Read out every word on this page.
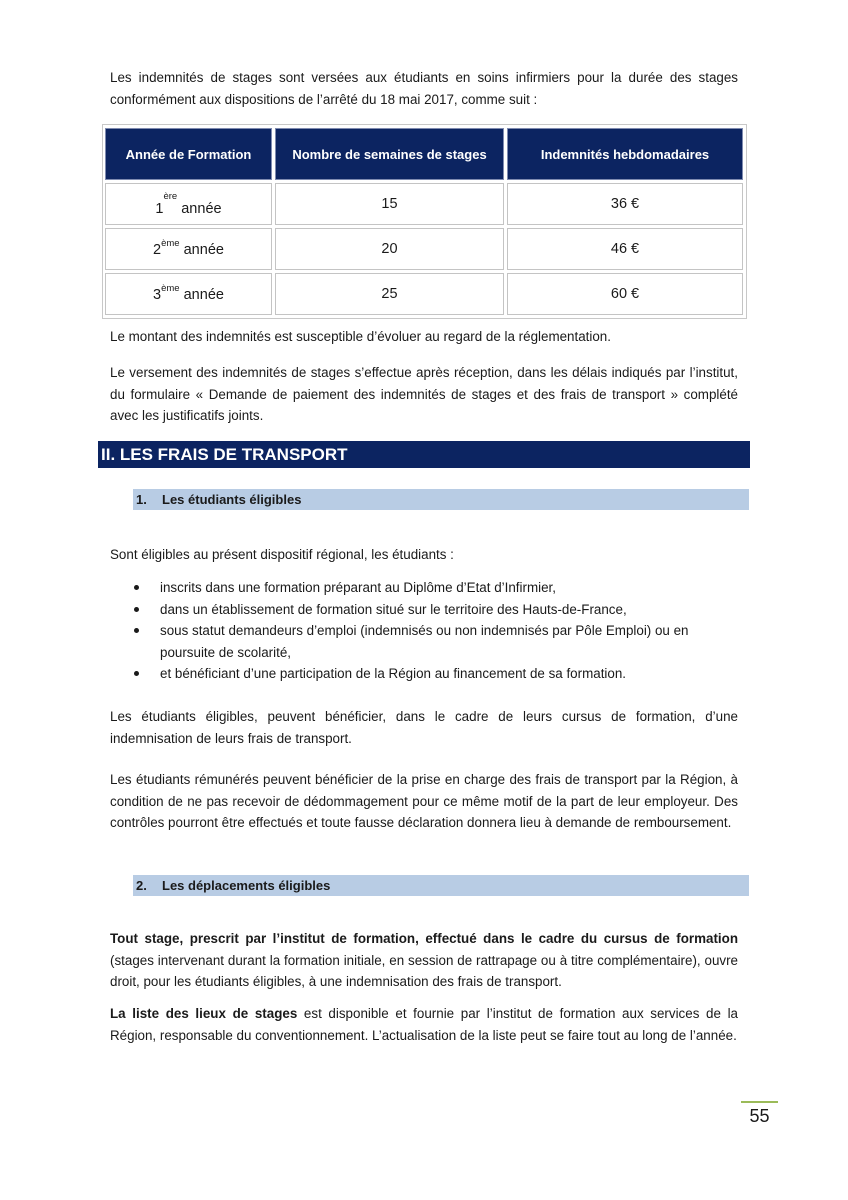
Les indemnités de stages sont versées aux étudiants en soins infirmiers pour la durée des stages conformément aux dispositions de l’arrêté du 18 mai 2017, comme suit :

Année de Formation	Nombre de semaines de stages	Indemnités hebdomadaires
1ère année	15	36 €
2ème année	20	46 €
3ème année	25	60 €

Le montant des indemnités est susceptible d’évoluer au regard de la réglementation.

Le versement des indemnités de stages s’effectue après réception, dans les délais indiqués par l’institut, du formulaire « Demande de paiement des indemnités de stages et des frais de transport » complété avec les justificatifs joints.

II. LES FRAIS DE TRANSPORT
1. Les étudiants éligibles

Sont éligibles au présent dispositif régional, les étudiants :

inscrits dans une formation préparant au Diplôme d’Etat d’Infirmier,
dans un établissement de formation situé sur le territoire des Hauts-de-France,
sous statut demandeurs d’emploi (indemnisés ou non indemnisés par Pôle Emploi) ou en poursuite de scolarité,
et bénéficiant d’une participation de la Région au financement de sa formation.

Les étudiants éligibles, peuvent bénéficier, dans le cadre de leurs cursus de formation, d’une indemnisation de leurs frais de transport.

Les étudiants rémunérés peuvent bénéficier de la prise en charge des frais de transport par la Région, à condition de ne pas recevoir de dédommagement pour ce même motif de la part de leur employeur. Des contrôles pourront être effectués et toute fausse déclaration donnera lieu à demande de remboursement.

2. Les déplacements éligibles

Tout stage, prescrit par l’institut de formation, effectué dans le cadre du cursus de formation (stages intervenant durant la formation initiale, en session de rattrapage ou à titre complémentaire), ouvre droit, pour les étudiants éligibles, à une indemnisation des frais de transport.

La liste des lieux de stages est disponible et fournie par l’institut de formation aux services de la Région, responsable du conventionnement. L’actualisation de la liste peut se faire tout au long de l’année.

55
